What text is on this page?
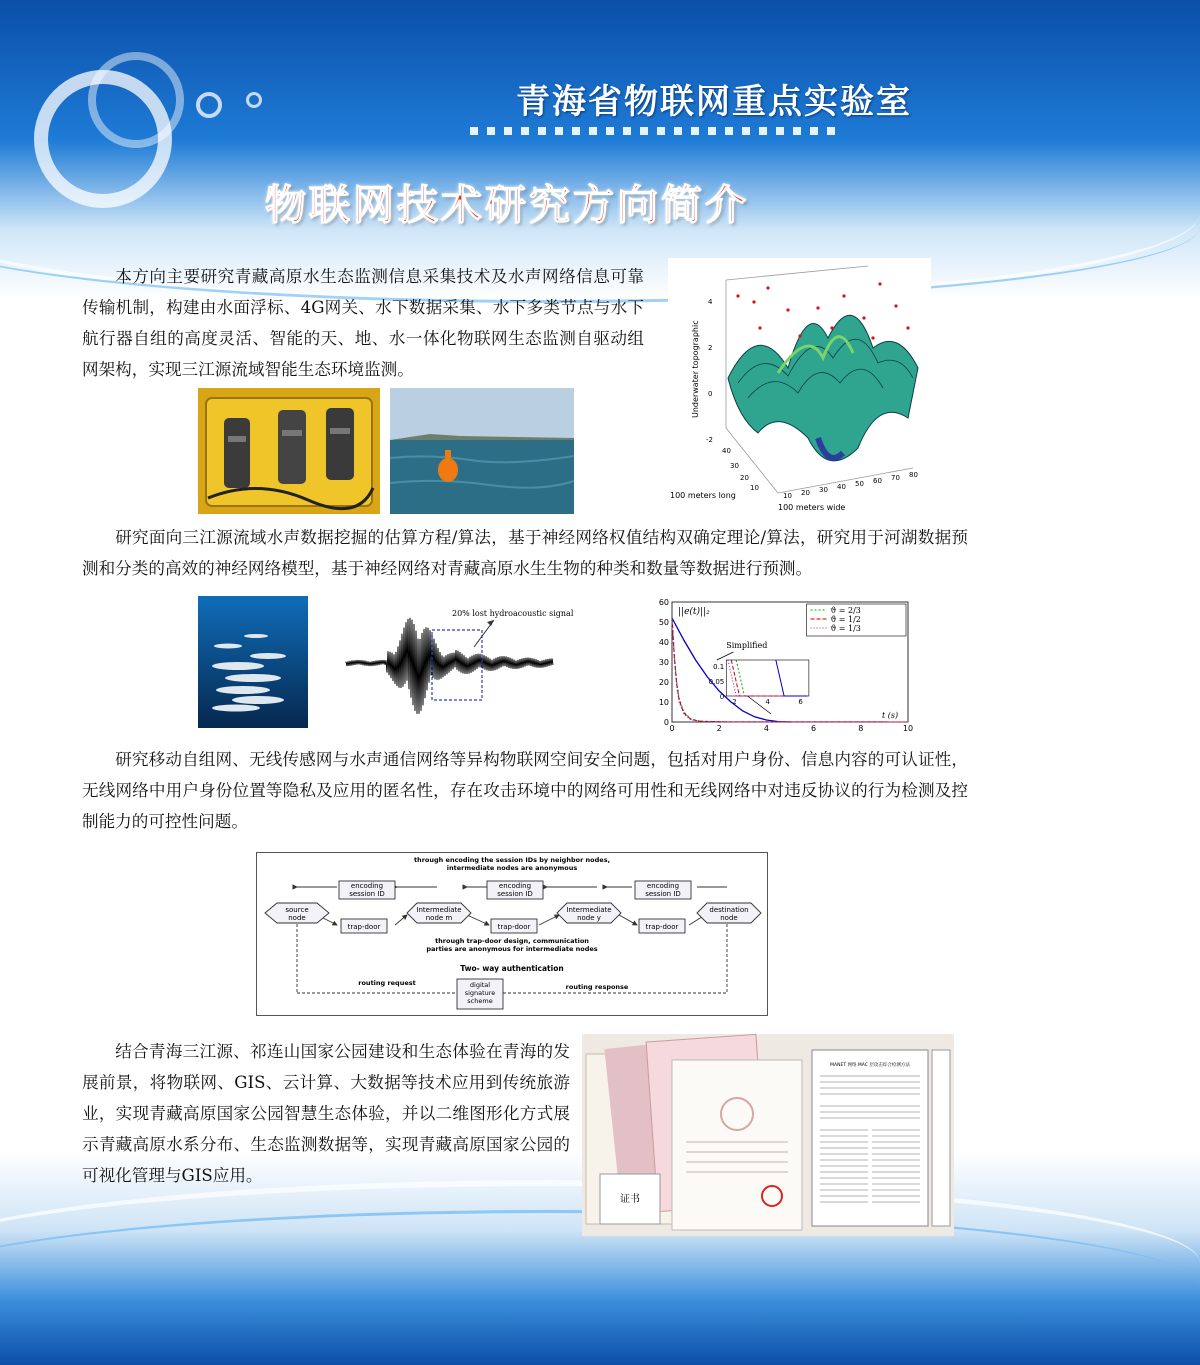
青海省物联网重点实验室
物联网技术研究方向简介

本方向主要研究青藏高原水生态监测信息采集技术及水声网络信息可靠传输机制，构建由水面浮标、4G网关、水下数据采集、水下多类节点与水下航行器自组的高度灵活、智能的天、地、水一体化物联网生态监测自驱动组网架构，实现三江源流域智能生态环境监测。

4
2
0
-2
Underwater topographic
40
30
20
10
100 meters long
100 meters wide
10 20 30 40 50 60 70 80

研究面向三江源流域水声数据挖掘的估算方程/算法，基于神经网络权值结构双确定理论/算法，研究用于河湖数据预测和分类的高效的神经网络模型，基于神经网络对青藏高原水生生物的种类和数量等数据进行预测。

20% lost hydroacoustic signal
0
10
20
30
40
50
60
0	2	4	6	8	10
||e(t)||₂
t (s)
Simplified
ϑ = 2/3
ϑ = 1/2
ϑ = 1/3
0.1
0.05
0
2	4	6

研究移动自组网、无线传感网与水声通信网络等异构物联网空间安全问题，包括对用户身份、信息内容的可认证性，无线网络中用户身份位置等隐私及应用的匿名性，存在攻击环境中的网络可用性和无线网络中对违反协议的行为检测及控制能力的可控性问题。

through encoding the session IDs by neighbor nodes,
intermediate nodes are anonymous
encoding
session ID
encoding
session ID
encoding
session ID
source
node
Intermediate
node m
Intermediate
node y
destination
node
trap-door	trap-door	trap-door
through trap-door design, communication
parties are anonymous for intermediate nodes
Two- way authentication
routing request	routing response
digital
signature
scheme

结合青海三江源、祁连山国家公园建设和生态体验在青海的发展前景，将物联网、GIS、云计算、大数据等技术应用到传统旅游业，实现青藏高原国家公园智慧生态体验，并以二维图形化方式展示青藏高原水系分布、生态监测数据等，实现青藏高原国家公园的可视化管理与GIS应用。

证书
MANET 网络 MAC 层攻击综合检测方法
